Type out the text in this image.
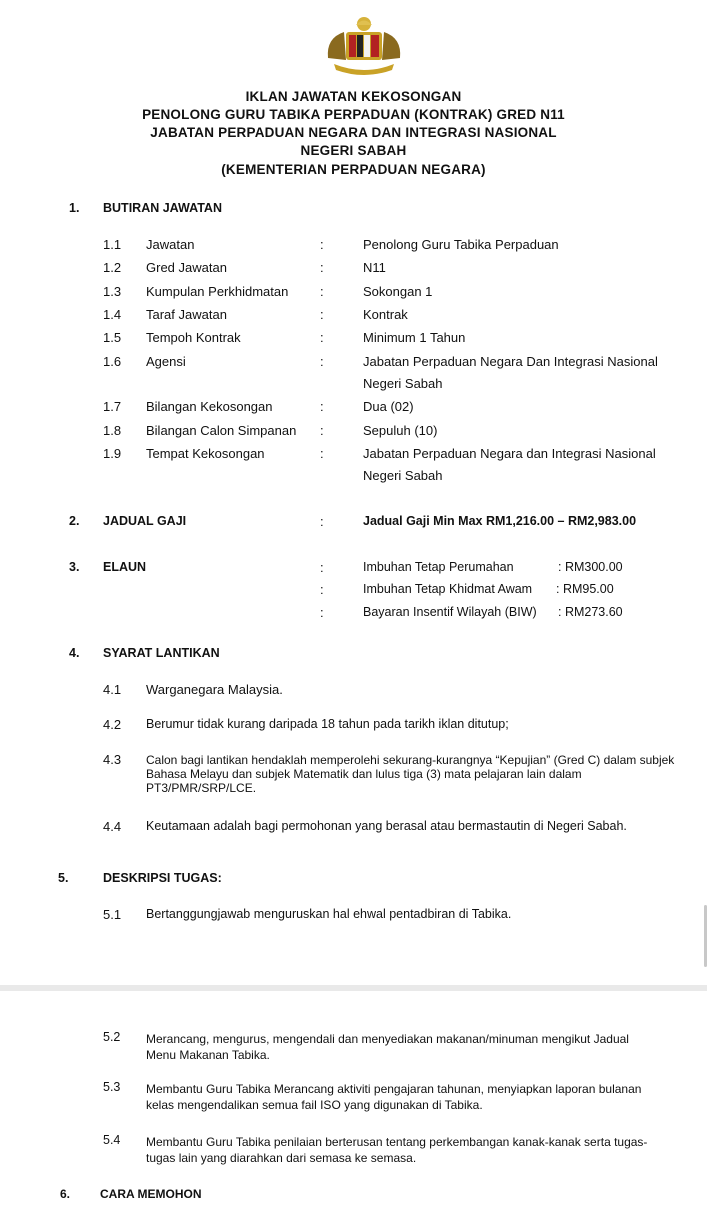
IKLAN JAWATAN KEKOSONGAN
PENOLONG GURU TABIKA PERPADUAN (KONTRAK) GRED N11
JABATAN PERPADUAN NEGARA DAN INTEGRASI NASIONAL
NEGERI SABAH
(KEMENTERIAN PERPADUAN NEGARA)
1. BUTIRAN JAWATAN
1.1 Jawatan	:	Penolong Guru Tabika Perpaduan
1.2 Gred Jawatan	:	N11
1.3 Kumpulan Perkhidmatan :	Sokongan 1
1.4 Taraf Jawatan	:	Kontrak
1.5 Tempoh Kontrak	:	Minimum 1 Tahun
1.6 Agensi	:	Jabatan Perpaduan Negara Dan Integrasi Nasional
Negeri Sabah
1.7 Bilangan Kekosongan	:	Dua (02)
1.8 Bilangan Calon Simpanan :	Sepuluh (10)
1.9 Tempat Kekosongan	:	Jabatan Perpaduan Negara dan Integrasi Nasional
Negeri Sabah
2. JADUAL GAJI	:	Jadual Gaji Min Max RM1,216.00 – RM2,983.00
3. ELAUN	:	Imbuhan Tetap Perumahan	: RM300.00
:	Imbuhan Tetap Khidmat Awam : RM95.00
:	Bayaran Insentif Wilayah (BIW) : RM273.60
4. SYARAT LANTIKAN
4.1 Warganegara Malaysia.
4.2 Berumur tidak kurang daripada 18 tahun pada tarikh iklan ditutup;
4.3 Calon bagi lantikan hendaklah memperolehi sekurang-kurangnya “Kepujian” (Gred C) dalam subjek Bahasa Melayu dan subjek Matematik dan lulus tiga (3) mata pelajaran lain dalam PT3/PMR/SRP/LCE.
4.4 Keutamaan adalah bagi permohonan yang berasal atau bermastautin di Negeri Sabah.
5.	DESKRIPSI TUGAS:
5.1 Bertanggungjawab menguruskan hal ehwal pentadbiran di Tabika.
5.2 Merancang, mengurus, mengendali dan menyediakan makanan/minuman mengikut Jadual Menu Makanan Tabika.
5.3 Membantu Guru Tabika Merancang aktiviti pengajaran tahunan, menyiapkan laporan bulanan kelas mengendalikan semua fail ISO yang digunakan di Tabika.
5.4 Membantu Guru Tabika penilaian berterusan tentang perkembangan kanak-kanak serta tugas-tugas lain yang diarahkan dari semasa ke semasa.
6. CARA MEMOHON
